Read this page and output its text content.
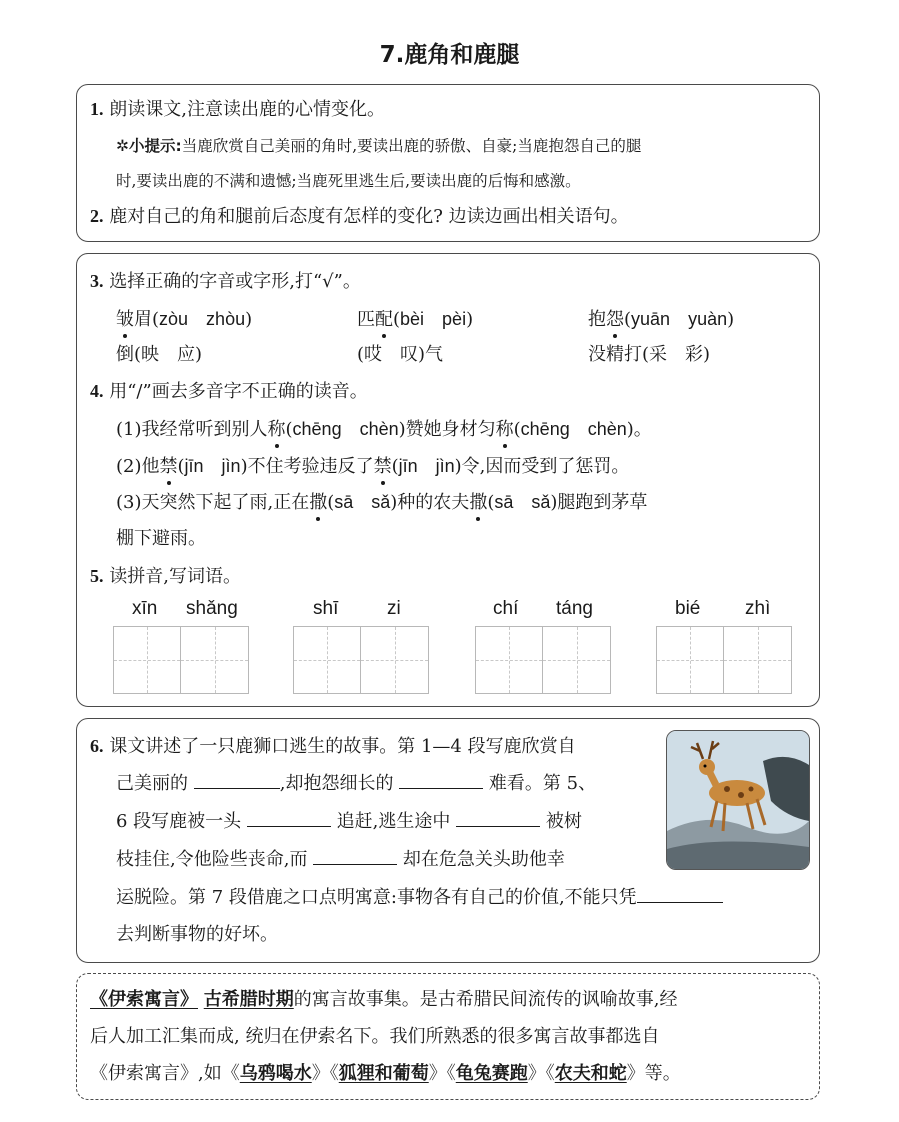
7.鹿角和鹿腿
1. 朗读课文,注意读出鹿的心情变化。
✲小提示:当鹿欣赏自己美丽的角时,要读出鹿的骄傲、自豪;当鹿抱怨自己的腿
时,要读出鹿的不满和遗憾;当鹿死里逃生后,要读出鹿的后悔和感激。
2. 鹿对自己的角和腿前后态度有怎样的变化? 边读边画出相关语句。
3. 选择正确的字音或字形,打“√”。
皱眉(zòu　zhòu)	匹配(bèi　pèi)	抱怨(yuān　yuàn)
倒(映　应)	(哎　叹)气	没精打(采　彩)
4. 用“/”画去多音字不正确的读音。
(1)我经常听到别人称(chēng　chèn)赞她身材匀称(chēng　chèn)。
(2)他禁(jīn　jìn)不住考验违反了禁(jīn　jìn)令,因而受到了惩罚。
(3)天突然下起了雨,正在撒(sā　sǎ)种的农夫撒(sā　sǎ)腿跑到茅草
棚下避雨。
5. 读拼音,写词语。
xīn shǎng	shī	zi	chí táng	bié zhì
6. 课文讲述了一只鹿狮口逃生的故事。第 1—4 段写鹿欣赏自
己美丽的	,却抱怨细长的	难看。第 5、
6 段写鹿被一头	追赶,逃生途中	被树
枝挂住,令他险些丧命,而	却在危急关头助他幸
运脱险。第 7 段借鹿之口点明寓意:事物各有自己的价值,不能只凭
去判断事物的好坏。
《伊索寓言》 古希腊时期的寓言故事集。是古希腊民间流传的讽喻故事,经
后人加工汇集而成, 统归在伊索名下。我们所熟悉的很多寓言故事都选自
《伊索寓言》,如《乌鸦喝水》《狐狸和葡萄》《龟兔赛跑》《农夫和蛇》等。
